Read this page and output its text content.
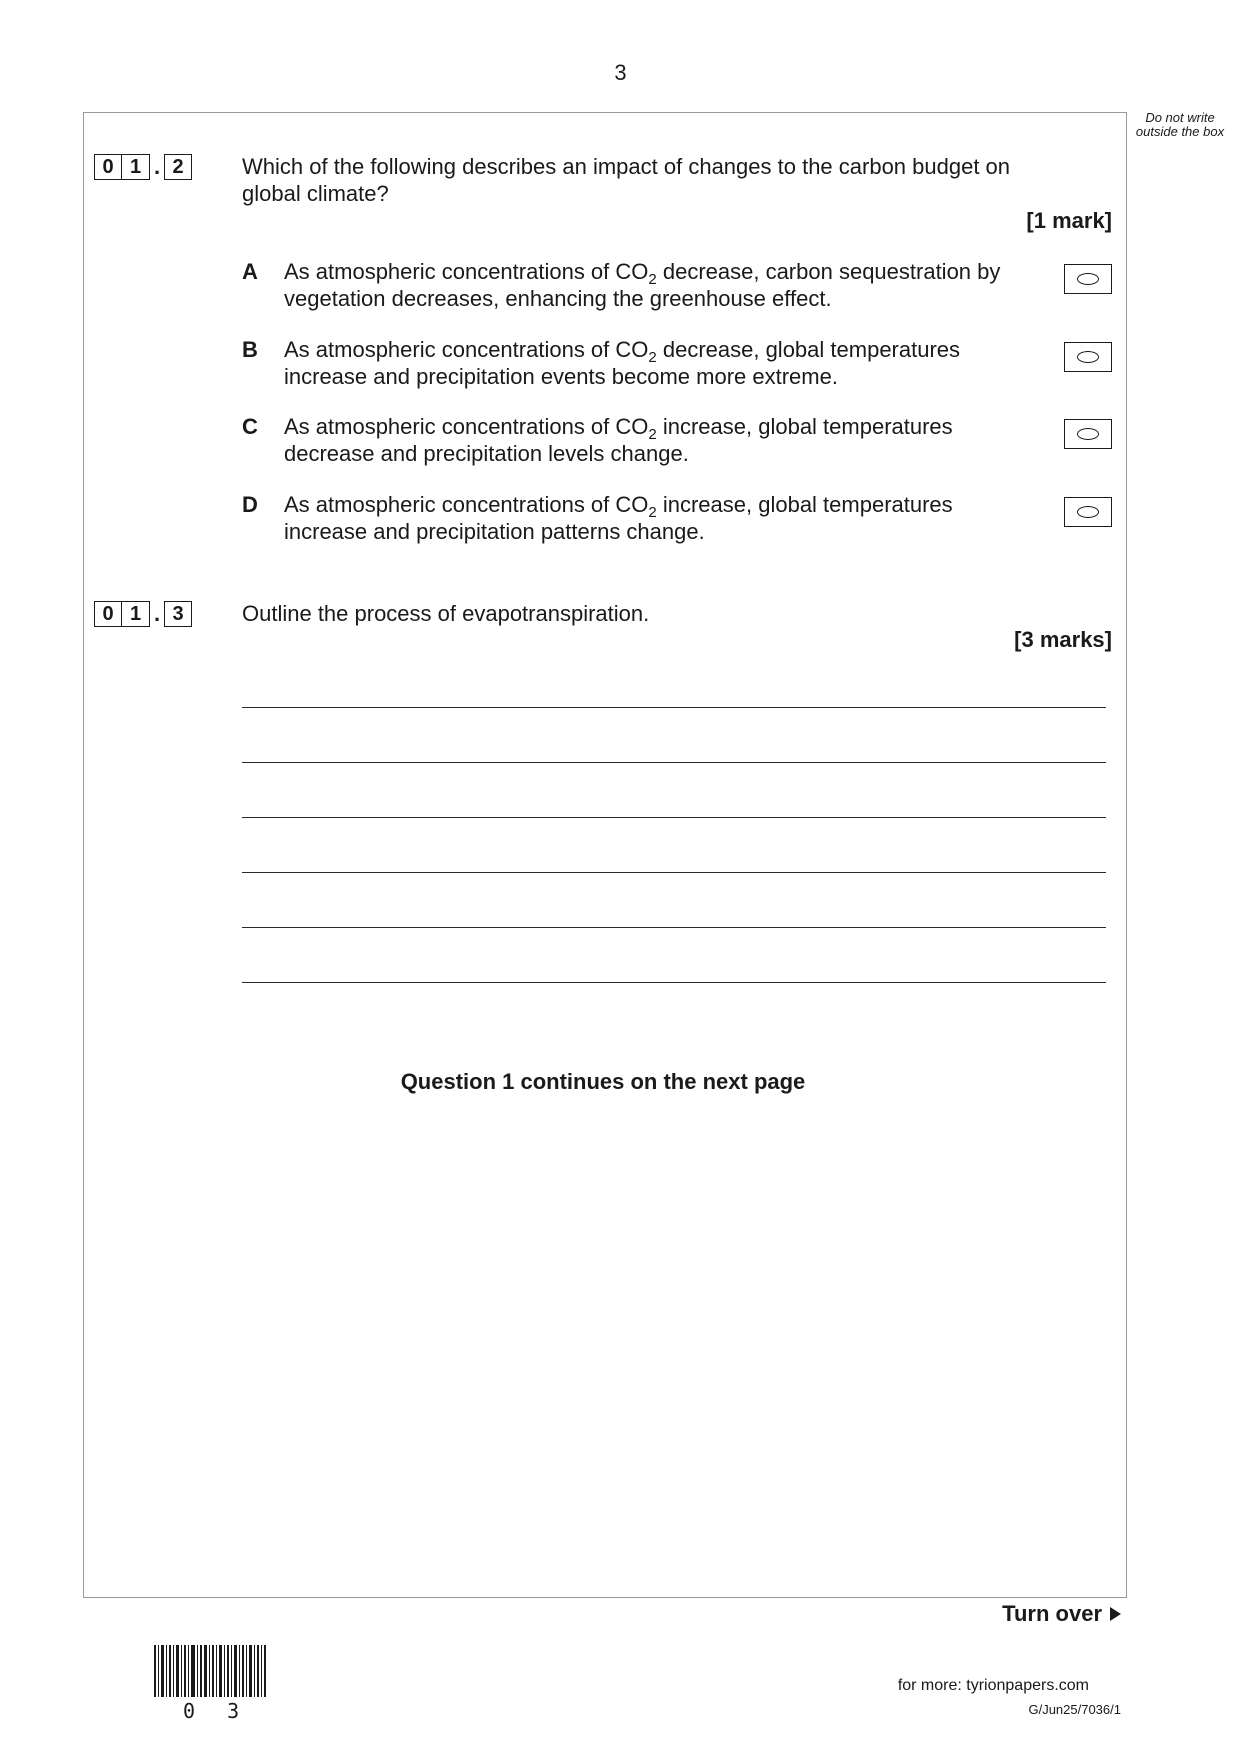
3
Do not write outside the box
0 1 . 2	Which of the following describes an impact of changes to the carbon budget on global climate?
[1 mark]
A As atmospheric concentrations of $CO_2$ decrease, carbon sequestration by vegetation decreases, enhancing the greenhouse effect.
B As atmospheric concentrations of $CO_2$ decrease, global temperatures increase and precipitation events become more extreme.
C As atmospheric concentrations of $CO_2$ increase, global temperatures decrease and precipitation levels change.
D As atmospheric concentrations of $CO_2$ increase, global temperatures increase and precipitation patterns change.
0 1 . 3	Outline the process of evapotranspiration.
[3 marks]
Question 1 continues on the next page
Turn over
0 3
for more: tyrionpapers.com
G/Jun25/7036/1
